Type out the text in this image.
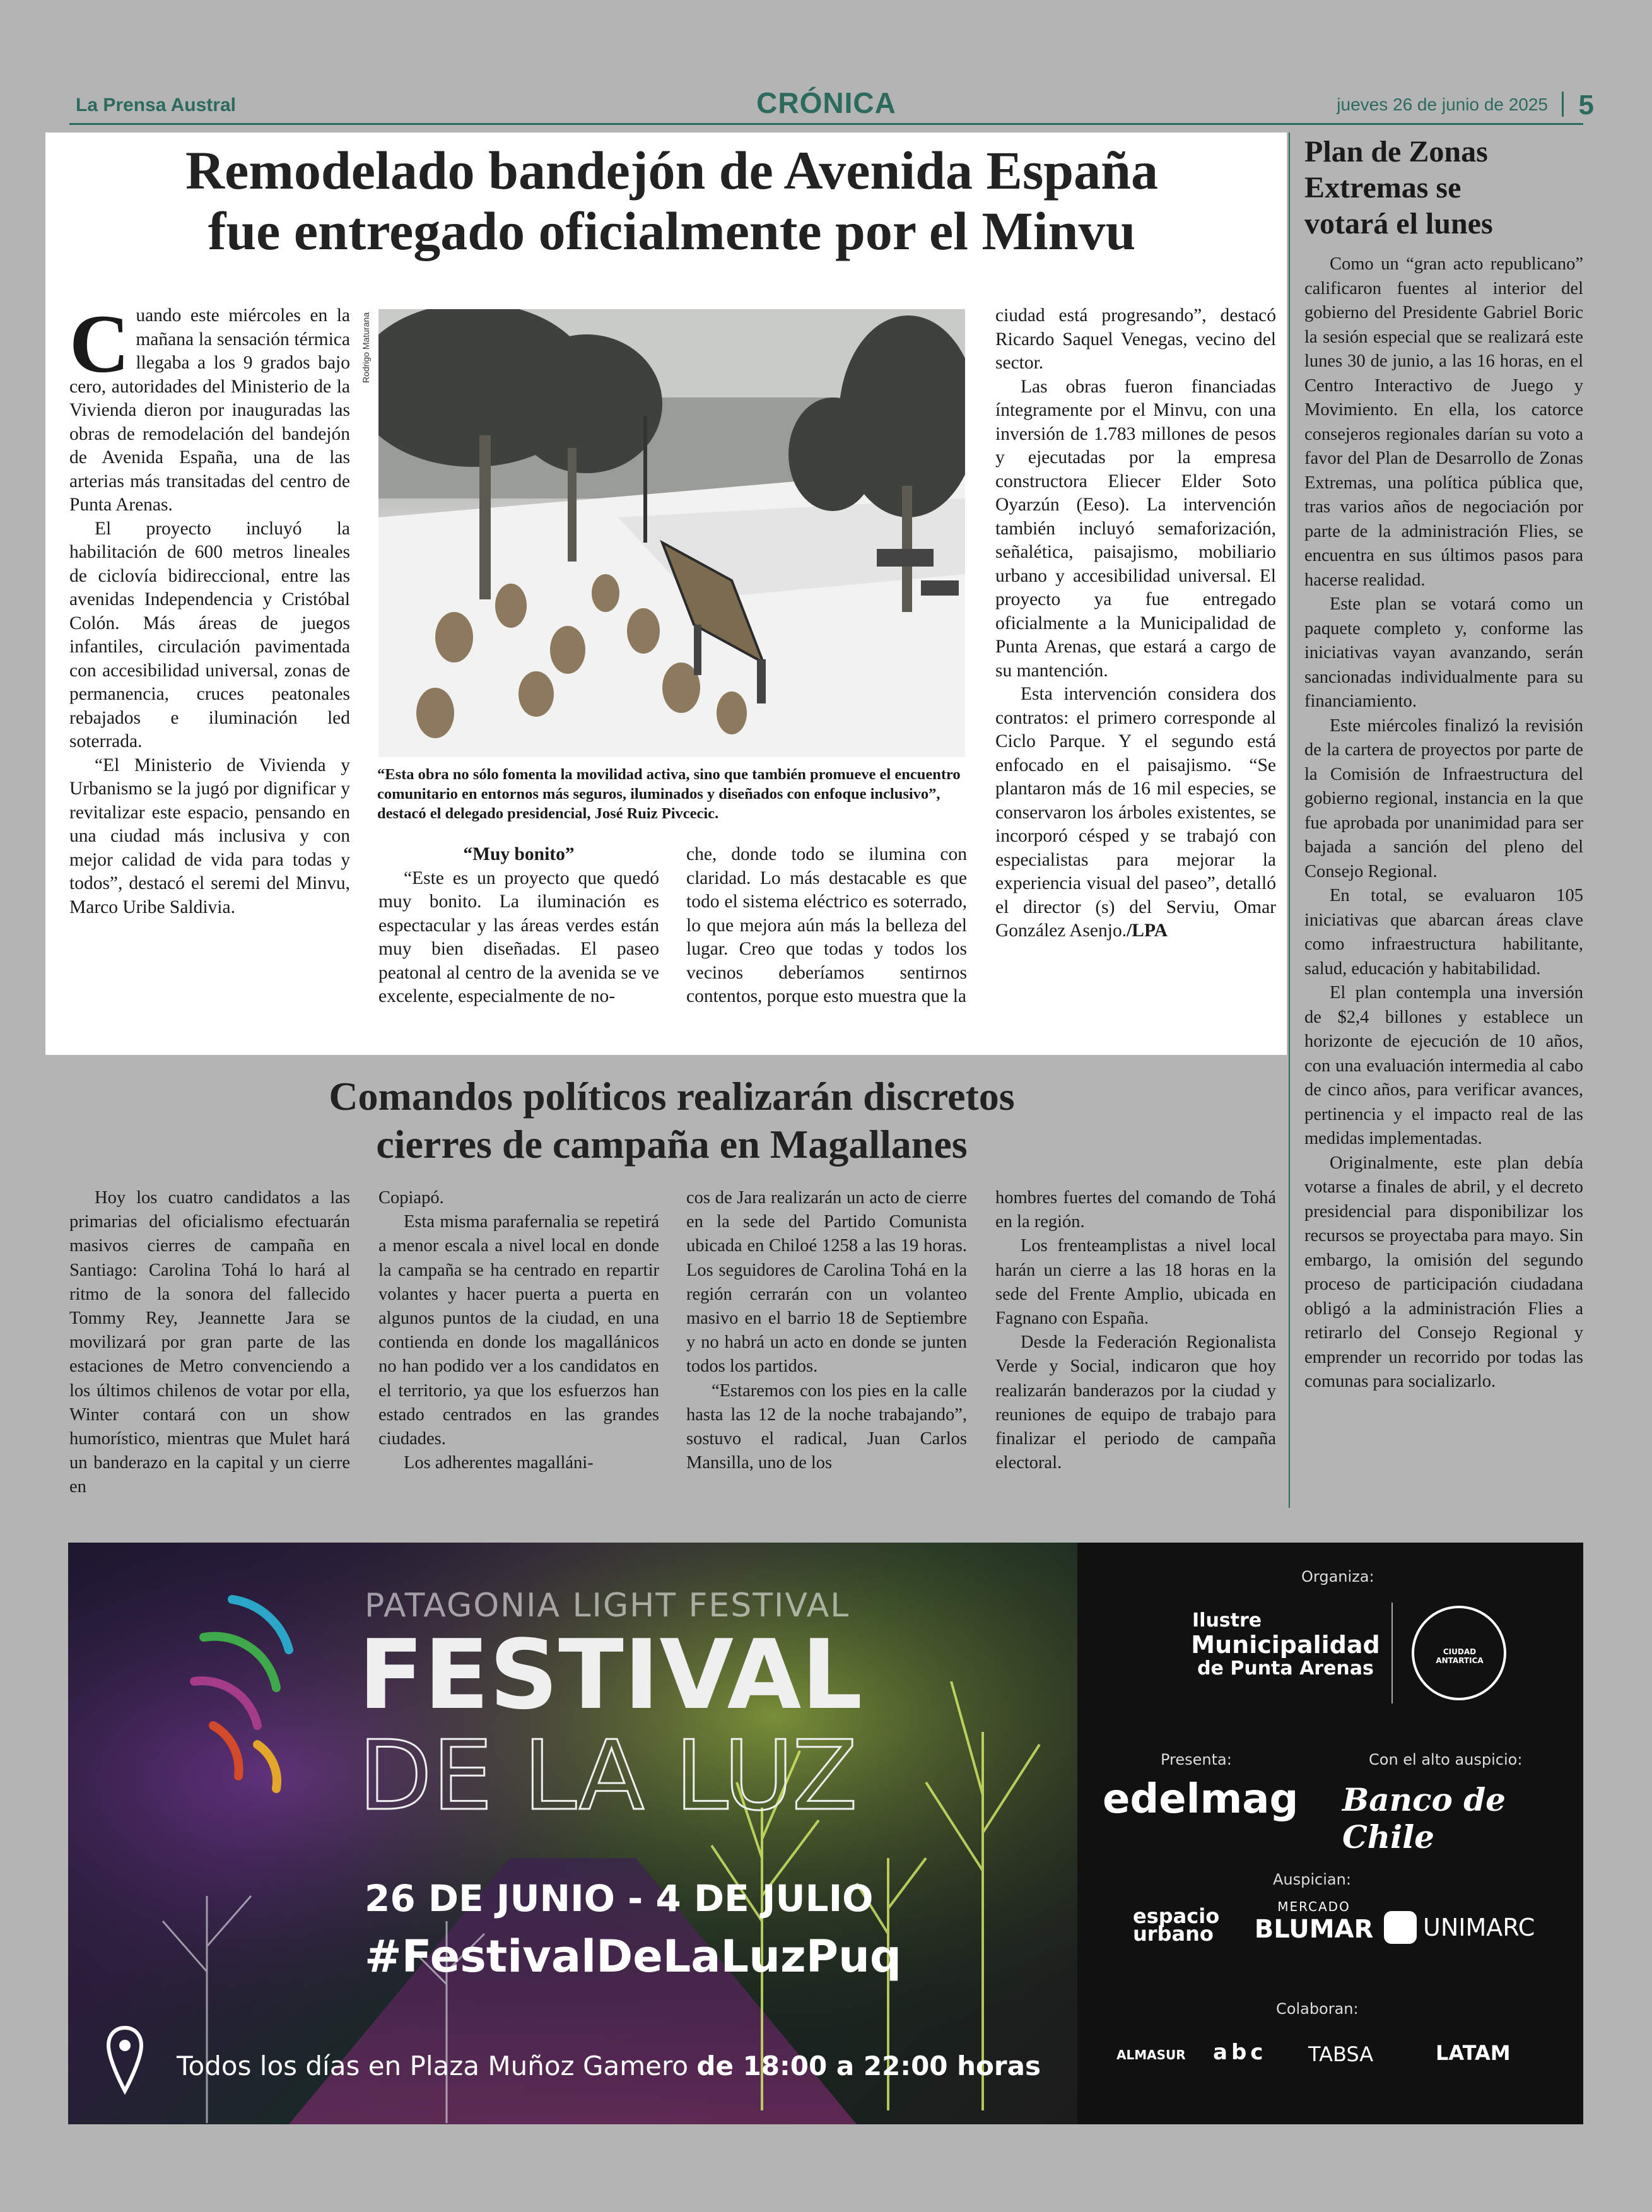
La Prensa Austral	CRÓNICA	jueves 26 de junio de 2025 5
Remodelado bandejón de Avenida España
fue entregado oficialmente por el Minvu

Cuando este miércoles en la mañana la sensación térmica llegaba a los 9 grados bajo cero, autoridades del Ministerio de la Vivienda dieron por inauguradas las obras de remodelación del bandejón de Avenida España, una de las arterias más transitadas del centro de Punta Arenas.

El proyecto incluyó la habilitación de 600 metros lineales de ciclovía bidireccional, entre las avenidas Independencia y Cristóbal Colón. Más áreas de juegos infantiles, circulación pavimentada con accesibilidad universal, zonas de permanencia, cruces peatonales rebajados e iluminación led soterrada.

“El Ministerio de Vivienda y Urbanismo se la jugó por dignificar y revitalizar este espacio, pensando en una ciudad más inclusiva y con mejor calidad de vida para todas y todos”, destacó el seremi del Minvu, Marco Uribe Saldivia.

Rodrigo Maturana
“Esta obra no sólo fomenta la movilidad activa, sino que también promueve el encuentro comunitario en entornos más seguros, iluminados y diseñados con enfoque inclusivo”, destacó el delegado presidencial, José Ruiz Pivcecic.

“Muy bonito”

“Este es un proyecto que quedó muy bonito. La iluminación es espectacular y las áreas verdes están muy bien diseñadas. El paseo peatonal al centro de la avenida se ve excelente, especialmente de no-

che, donde todo se ilumina con claridad. Lo más destacable es que todo el sistema eléctrico es soterrado, lo que mejora aún más la belleza del lugar. Creo que todas y todos los vecinos deberíamos sentirnos contentos, porque esto muestra que la

ciudad está progresando”, destacó Ricardo Saquel Venegas, vecino del sector.

Las obras fueron financiadas íntegramente por el Minvu, con una inversión de 1.783 millones de pesos y ejecutadas por la empresa constructora Eliecer Elder Soto Oyarzún (Eeso). La intervención también incluyó semaforización, señalética, paisajismo, mobiliario urbano y accesibilidad universal. El proyecto ya fue entregado oficialmente a la Municipalidad de Punta Arenas, que estará a cargo de su mantención.

Esta intervención considera dos contratos: el primero corresponde al Ciclo Parque. Y el segundo está enfocado en el paisajismo. “Se plantaron más de 16 mil especies, se conservaron los árboles existentes, se incorporó césped y se trabajó con especialistas para mejorar la experiencia visual del paseo”, detalló el director (s) del Serviu, Omar González Asenjo./LPA

Plan de Zonas
Extremas se
votará el lunes

Como un “gran acto republicano” calificaron fuentes al interior del gobierno del Presidente Gabriel Boric la sesión especial que se realizará este lunes 30 de junio, a las 16 horas, en el Centro Interactivo de Juego y Movimiento. En ella, los catorce consejeros regionales darían su voto a favor del Plan de Desarrollo de Zonas Extremas, una política pública que, tras varios años de negociación por parte de la administración Flies, se encuentra en sus últimos pasos para hacerse realidad.

Este plan se votará como un paquete completo y, conforme las iniciativas vayan avanzando, serán sancionadas individualmente para su financiamiento.

Este miércoles finalizó la revisión de la cartera de proyectos por parte de la Comisión de Infraestructura del gobierno regional, instancia en la que fue aprobada por unanimidad para ser bajada a sanción del pleno del Consejo Regional.

En total, se evaluaron 105 iniciativas que abarcan áreas clave como infraestructura habilitante, salud, educación y habitabilidad.

El plan contempla una inversión de $2,4 billones y establece un horizonte de ejecución de 10 años, con una evaluación intermedia al cabo de cinco años, para verificar avances, pertinencia y el impacto real de las medidas implementadas.

Originalmente, este plan debía votarse a finales de abril, y el decreto presidencial para disponibilizar los recursos se proyectaba para mayo. Sin embargo, la omisión del segundo proceso de participación ciudadana obligó a la administración Flies a retirarlo del Consejo Regional y emprender un recorrido por todas las comunas para socializarlo.

Comandos políticos realizarán discretos
cierres de campaña en Magallanes

Hoy los cuatro candidatos a las primarias del oficialismo efectuarán masivos cierres de campaña en Santiago: Carolina Tohá lo hará al ritmo de la sonora del fallecido Tommy Rey, Jeannette Jara se movilizará por gran parte de las estaciones de Metro convenciendo a los últimos chilenos de votar por ella, Winter contará con un show humorístico, mientras que Mulet hará un banderazo en la capital y un cierre en

Copiapó.

Esta misma parafernalia se repetirá a menor escala a nivel local en donde la campaña se ha centrado en repartir volantes y hacer puerta a puerta en algunos puntos de la ciudad, en una contienda en donde los magallánicos no han podido ver a los candidatos en el territorio, ya que los esfuerzos han estado centrados en las grandes ciudades.

Los adherentes magalláni-

cos de Jara realizarán un acto de cierre en la sede del Partido Comunista ubicada en Chiloé 1258 a las 19 horas. Los seguidores de Carolina Tohá en la región cerrarán con un volanteo masivo en el barrio 18 de Septiembre y no habrá un acto en donde se junten todos los partidos.

“Estaremos con los pies en la calle hasta las 12 de la noche trabajando”, sostuvo el radical, Juan Carlos Mansilla, uno de los

hombres fuertes del comando de Tohá en la región.

Los frenteamplistas a nivel local harán un cierre a las 18 horas en la sede del Frente Amplio, ubicada en Fagnano con España.

Desde la Federación Regionalista Verde y Social, indicaron que hoy realizarán banderazos por la ciudad y reuniones de equipo de trabajo para finalizar el periodo de campaña electoral.

PATAGONIA LIGHT FESTIVAL
FESTIVAL
DE LA LUZ
26 DE JUNIO - 4 DE JULIO
#FestivalDeLaLuzPuq
Todos los días en Plaza Muñoz Gamero de 18:00 a 22:00 horas
Organiza:
Ilustre
Municipalidad
de Punta Arenas
CIUDAD ANTARTICA
Presenta:
edelmag
Con el alto auspicio:
Banco de Chile
Auspician:
espacio urbano
MERCADO
BLUMAR UNIMARC
Colaboran:
ALMASUR abc TABSA	LATAM
